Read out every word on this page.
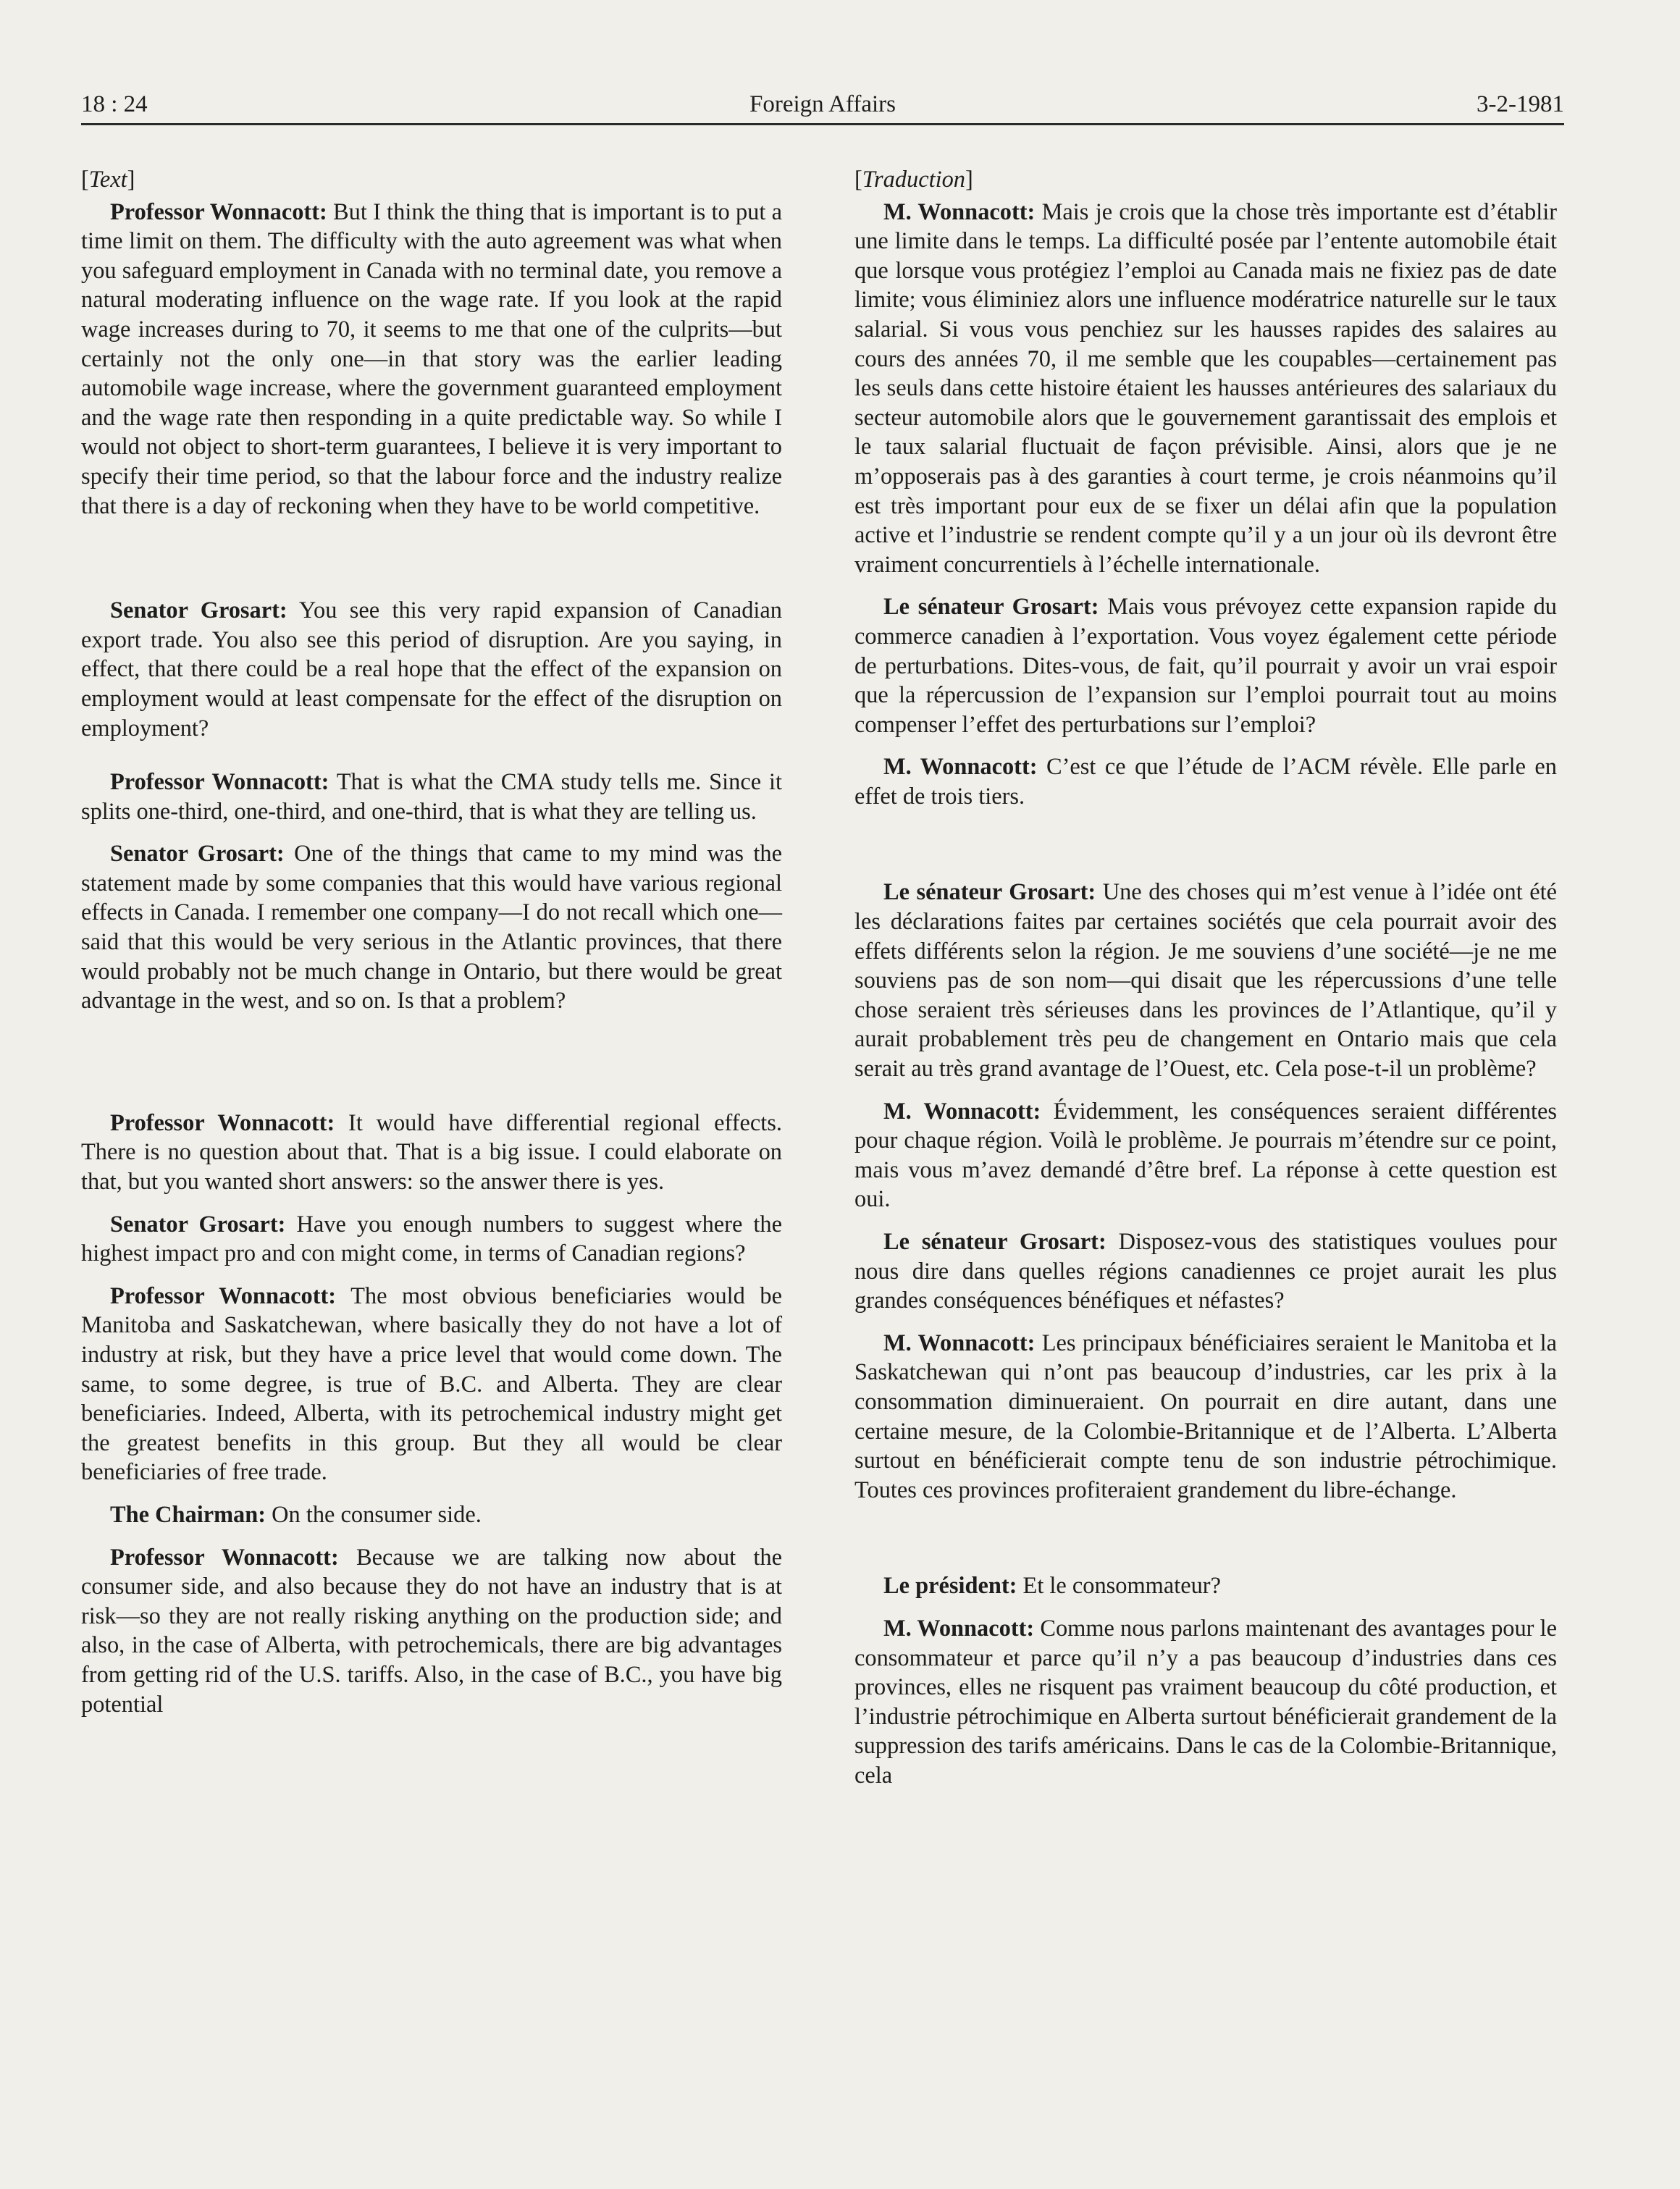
18 : 24	Foreign Affairs	3-2-1981

[Text]

Professor Wonnacott: But I think the thing that is important is to put a time limit on them. The difficulty with the auto agreement was what when you safeguard employment in Canada with no terminal date, you remove a natural moderating influence on the wage rate. If you look at the rapid wage increases during to 70, it seems to me that one of the culprits—but certainly not the only one—in that story was the earlier leading automobile wage increase, where the government guaranteed employment and the wage rate then responding in a quite predictable way. So while I would not object to short-term guarantees, I believe it is very important to specify their time period, so that the labour force and the industry realize that there is a day of reckoning when they have to be world competitive.

Senator Grosart: You see this very rapid expansion of Canadian export trade. You also see this period of disruption. Are you saying, in effect, that there could be a real hope that the effect of the expansion on employment would at least compensate for the effect of the disruption on employment?

Professor Wonnacott: That is what the CMA study tells me. Since it splits one-third, one-third, and one-third, that is what they are telling us.

Senator Grosart: One of the things that came to my mind was the statement made by some companies that this would have various regional effects in Canada. I remember one company—I do not recall which one—said that this would be very serious in the Atlantic provinces, that there would probably not be much change in Ontario, but there would be great advantage in the west, and so on. Is that a problem?

Professor Wonnacott: It would have differential regional effects. There is no question about that. That is a big issue. I could elaborate on that, but you wanted short answers: so the answer there is yes.

Senator Grosart: Have you enough numbers to suggest where the highest impact pro and con might come, in terms of Canadian regions?

Professor Wonnacott: The most obvious beneficiaries would be Manitoba and Saskatchewan, where basically they do not have a lot of industry at risk, but they have a price level that would come down. The same, to some degree, is true of B.C. and Alberta. They are clear beneficiaries. Indeed, Alberta, with its petrochemical industry might get the greatest benefits in this group. But they all would be clear beneficiaries of free trade.

The Chairman: On the consumer side.

Professor Wonnacott: Because we are talking now about the consumer side, and also because they do not have an industry that is at risk—so they are not really risking anything on the production side; and also, in the case of Alberta, with petrochemicals, there are big advantages from getting rid of the U.S. tariffs. Also, in the case of B.C., you have big potential

[Traduction]

M. Wonnacott: Mais je crois que la chose très importante est d’établir une limite dans le temps. La difficulté posée par l’entente automobile était que lorsque vous protégiez l’emploi au Canada mais ne fixiez pas de date limite; vous éliminiez alors une influence modératrice naturelle sur le taux salarial. Si vous vous penchiez sur les hausses rapides des salaires au cours des années 70, il me semble que les coupables—certainement pas les seuls dans cette histoire étaient les hausses antérieures des salariaux du secteur automobile alors que le gouvernement garantissait des emplois et le taux salarial fluctuait de façon prévisible. Ainsi, alors que je ne m’opposerais pas à des garanties à court terme, je crois néanmoins qu’il est très important pour eux de se fixer un délai afin que la population active et l’industrie se rendent compte qu’il y a un jour où ils devront être vraiment concurrentiels à l’échelle internationale.

Le sénateur Grosart: Mais vous prévoyez cette expansion rapide du commerce canadien à l’exportation. Vous voyez également cette période de perturbations. Dites-vous, de fait, qu’il pourrait y avoir un vrai espoir que la répercussion de l’expansion sur l’emploi pourrait tout au moins compenser l’effet des perturbations sur l’emploi?

M. Wonnacott: C’est ce que l’étude de l’ACM révèle. Elle parle en effet de trois tiers.

Le sénateur Grosart: Une des choses qui m’est venue à l’idée ont été les déclarations faites par certaines sociétés que cela pourrait avoir des effets différents selon la région. Je me souviens d’une société—je ne me souviens pas de son nom—qui disait que les répercussions d’une telle chose seraient très sérieuses dans les provinces de l’Atlantique, qu’il y aurait probablement très peu de changement en Ontario mais que cela serait au très grand avantage de l’Ouest, etc. Cela pose-t-il un problème?

M. Wonnacott: Évidemment, les conséquences seraient différentes pour chaque région. Voilà le problème. Je pourrais m’étendre sur ce point, mais vous m’avez demandé d’être bref. La réponse à cette question est oui.

Le sénateur Grosart: Disposez-vous des statistiques voulues pour nous dire dans quelles régions canadiennes ce projet aurait les plus grandes conséquences bénéfiques et néfastes?

M. Wonnacott: Les principaux bénéficiaires seraient le Manitoba et la Saskatchewan qui n’ont pas beaucoup d’industries, car les prix à la consommation diminueraient. On pourrait en dire autant, dans une certaine mesure, de la Colombie-Britannique et de l’Alberta. L’Alberta surtout en bénéficierait compte tenu de son industrie pétrochimique. Toutes ces provinces profiteraient grandement du libre-échange.

Le président: Et le consommateur?

M. Wonnacott: Comme nous parlons maintenant des avantages pour le consommateur et parce qu’il n’y a pas beaucoup d’industries dans ces provinces, elles ne risquent pas vraiment beaucoup du côté production, et l’industrie pétrochimique en Alberta surtout bénéficierait grandement de la suppression des tarifs américains. Dans le cas de la Colombie-Britannique, cela
